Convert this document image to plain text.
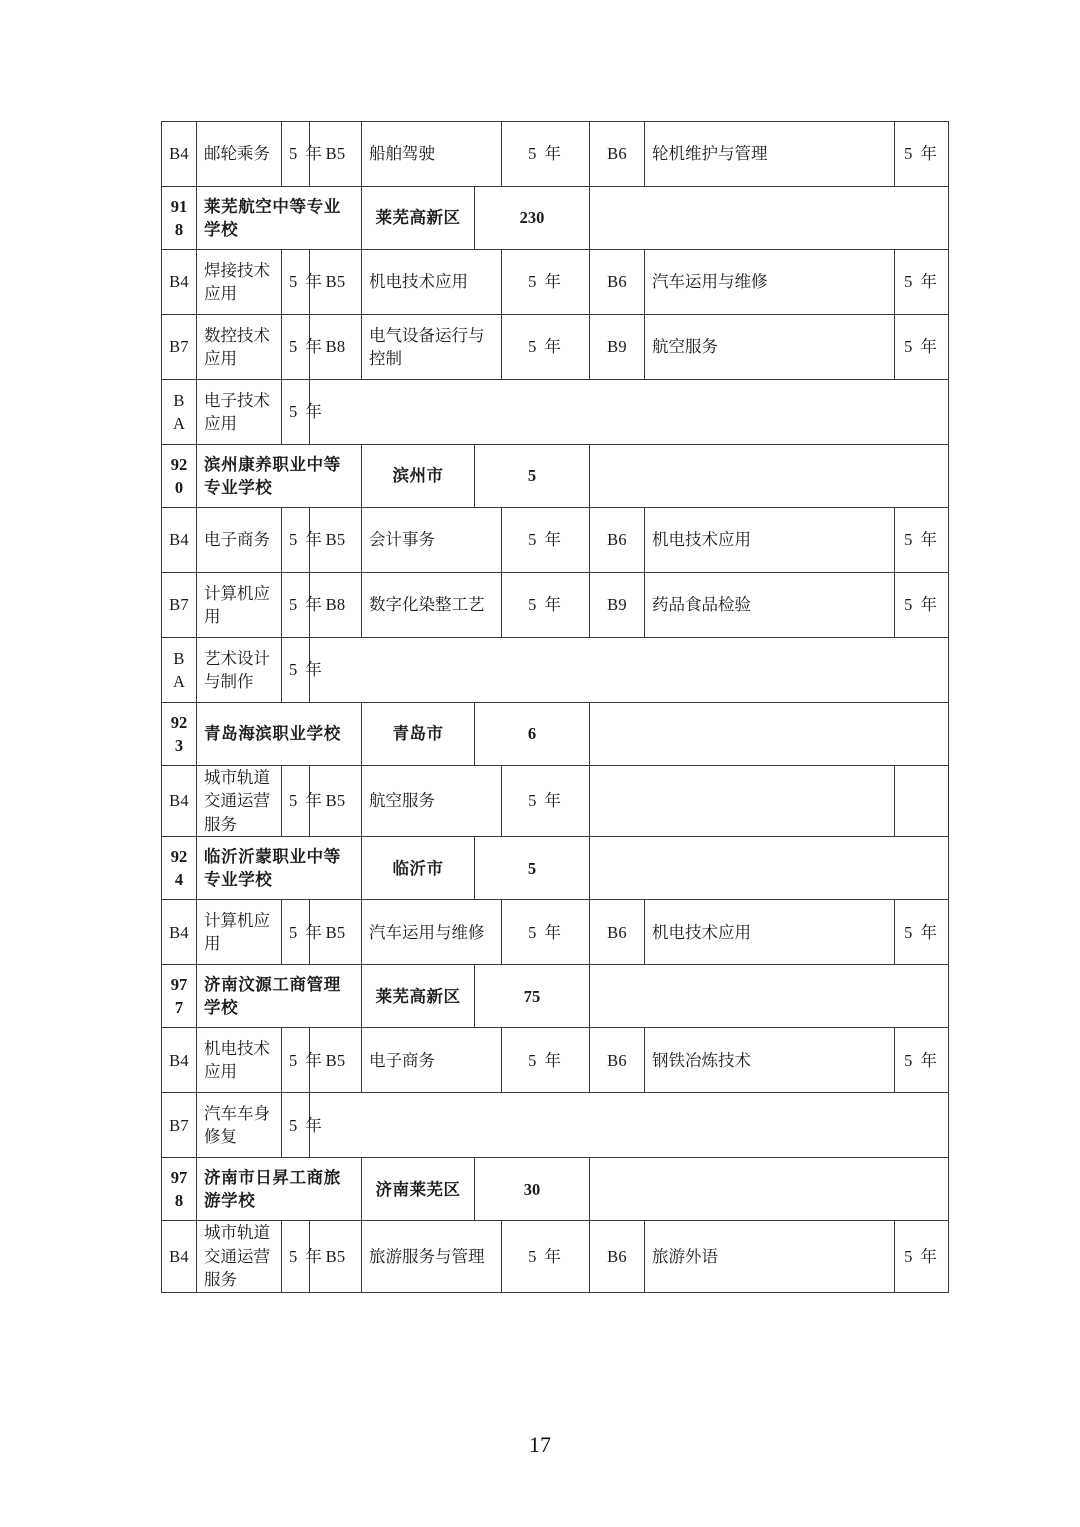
B4	邮轮乘务	5 年	B5	船舶驾驶		5 年	B6	轮机维护与管理	5 年
918	莱芜航空中等专业学校			莱芜高新区	230				
B4	焊接技术应用	5 年	B5	机电技术应用		5 年	B6	汽车运用与维修	5 年
B7	数控技术应用	5 年	B8	电气设备运行与控制		5 年	B9	航空服务	5 年
BA	电子技术应用	5 年							
920	滨州康养职业中等专业学校			滨州市	5				
B4	电子商务	5 年	B5	会计事务		5 年	B6	机电技术应用	5 年
B7	计算机应用	5 年	B8	数字化染整工艺		5 年	B9	药品食品检验	5 年
BA	艺术设计与制作	5 年							
923	青岛海滨职业学校			青岛市	6				
B4	城市轨道交通运营服务	5 年	B5	航空服务		5 年			
924	临沂沂蒙职业中等专业学校			临沂市	5				
B4	计算机应用	5 年	B5	汽车运用与维修		5 年	B6	机电技术应用	5 年
977	济南汶源工商管理学校			莱芜高新区	75				
B4	机电技术应用	5 年	B5	电子商务		5 年	B6	钢铁冶炼技术	5 年
B7	汽车车身修复	5 年							
978	济南市日昇工商旅游学校			济南莱芜区	30				
B4	城市轨道交通运营服务	5 年	B5	旅游服务与管理		5 年	B6	旅游外语	5 年
17
